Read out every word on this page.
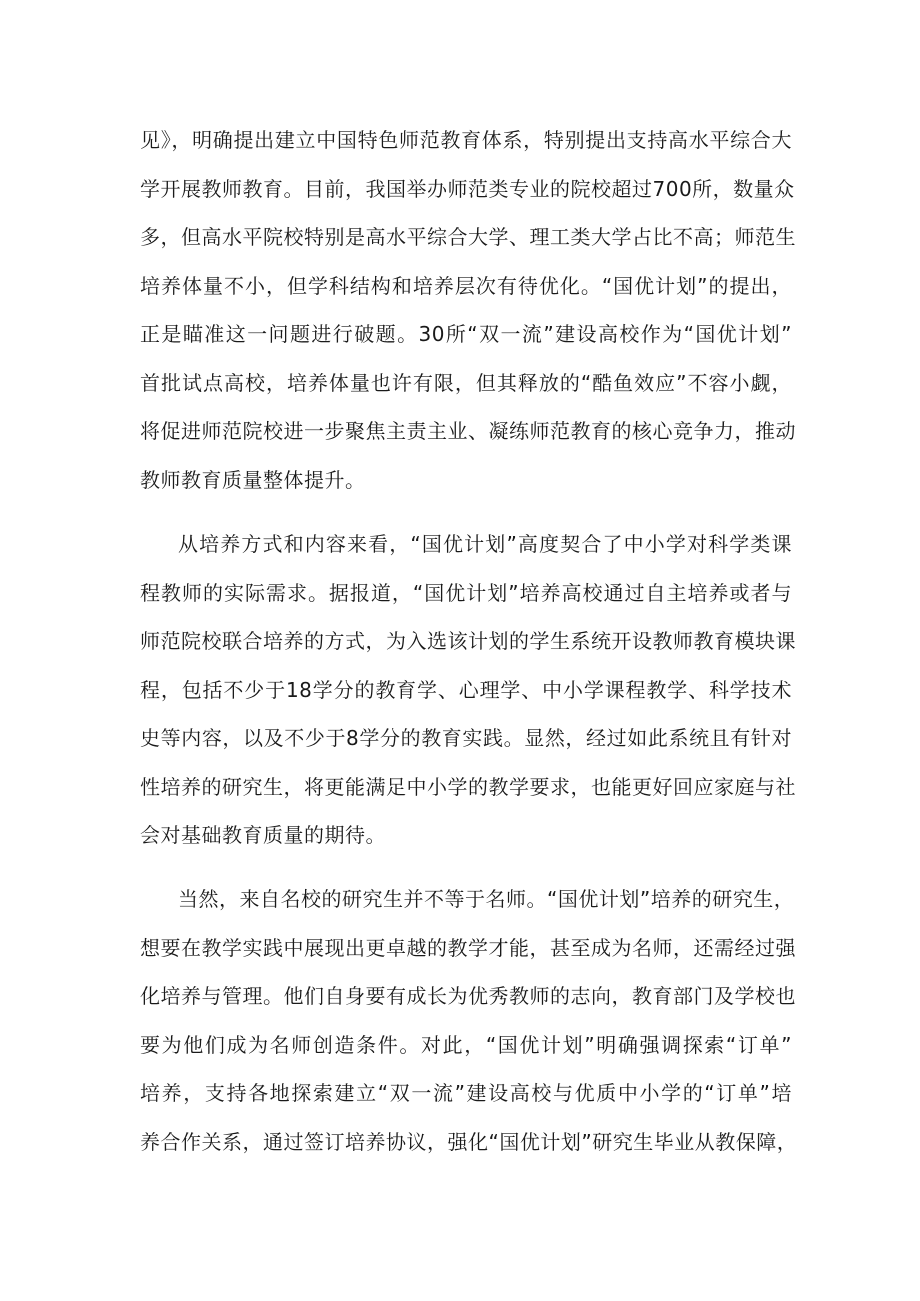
见》，明确提出建立中国特色师范教育体系，特别提出支持高水平综合大

学开展教师教育。目前，我国举办师范类专业的院校超过700所，数量众

多，但高水平院校特别是高水平综合大学、理工类大学占比不高；师范生

培养体量不小，但学科结构和培养层次有待优化。“国优计划”的提出，

正是瞄准这一问题进行破题。30所“双一流”建设高校作为“国优计划”

首批试点高校，培养体量也许有限，但其释放的“酷鱼效应”不容小觑，

将促进师范院校进一步聚焦主责主业、凝练师范教育的核心竞争力，推动

教师教育质量整体提升。

从培养方式和内容来看，“国优计划”高度契合了中小学对科学类课

程教师的实际需求。据报道，“国优计划”培养高校通过自主培养或者与

师范院校联合培养的方式，为入选该计划的学生系统开设教师教育模块课

程，包括不少于18学分的教育学、心理学、中小学课程教学、科学技术

史等内容，以及不少于8学分的教育实践。显然，经过如此系统且有针对

性培养的研究生，将更能满足中小学的教学要求，也能更好回应家庭与社

会对基础教育质量的期待。

当然，来自名校的研究生并不等于名师。“国优计划”培养的研究生，

想要在教学实践中展现出更卓越的教学才能，甚至成为名师，还需经过强

化培养与管理。他们自身要有成长为优秀教师的志向，教育部门及学校也

要为他们成为名师创造条件。对此，“国优计划”明确强调探索“订单”

培养，支持各地探索建立“双一流”建设高校与优质中小学的“订单”培

养合作关系，通过签订培养协议，强化“国优计划”研究生毕业从教保障，
